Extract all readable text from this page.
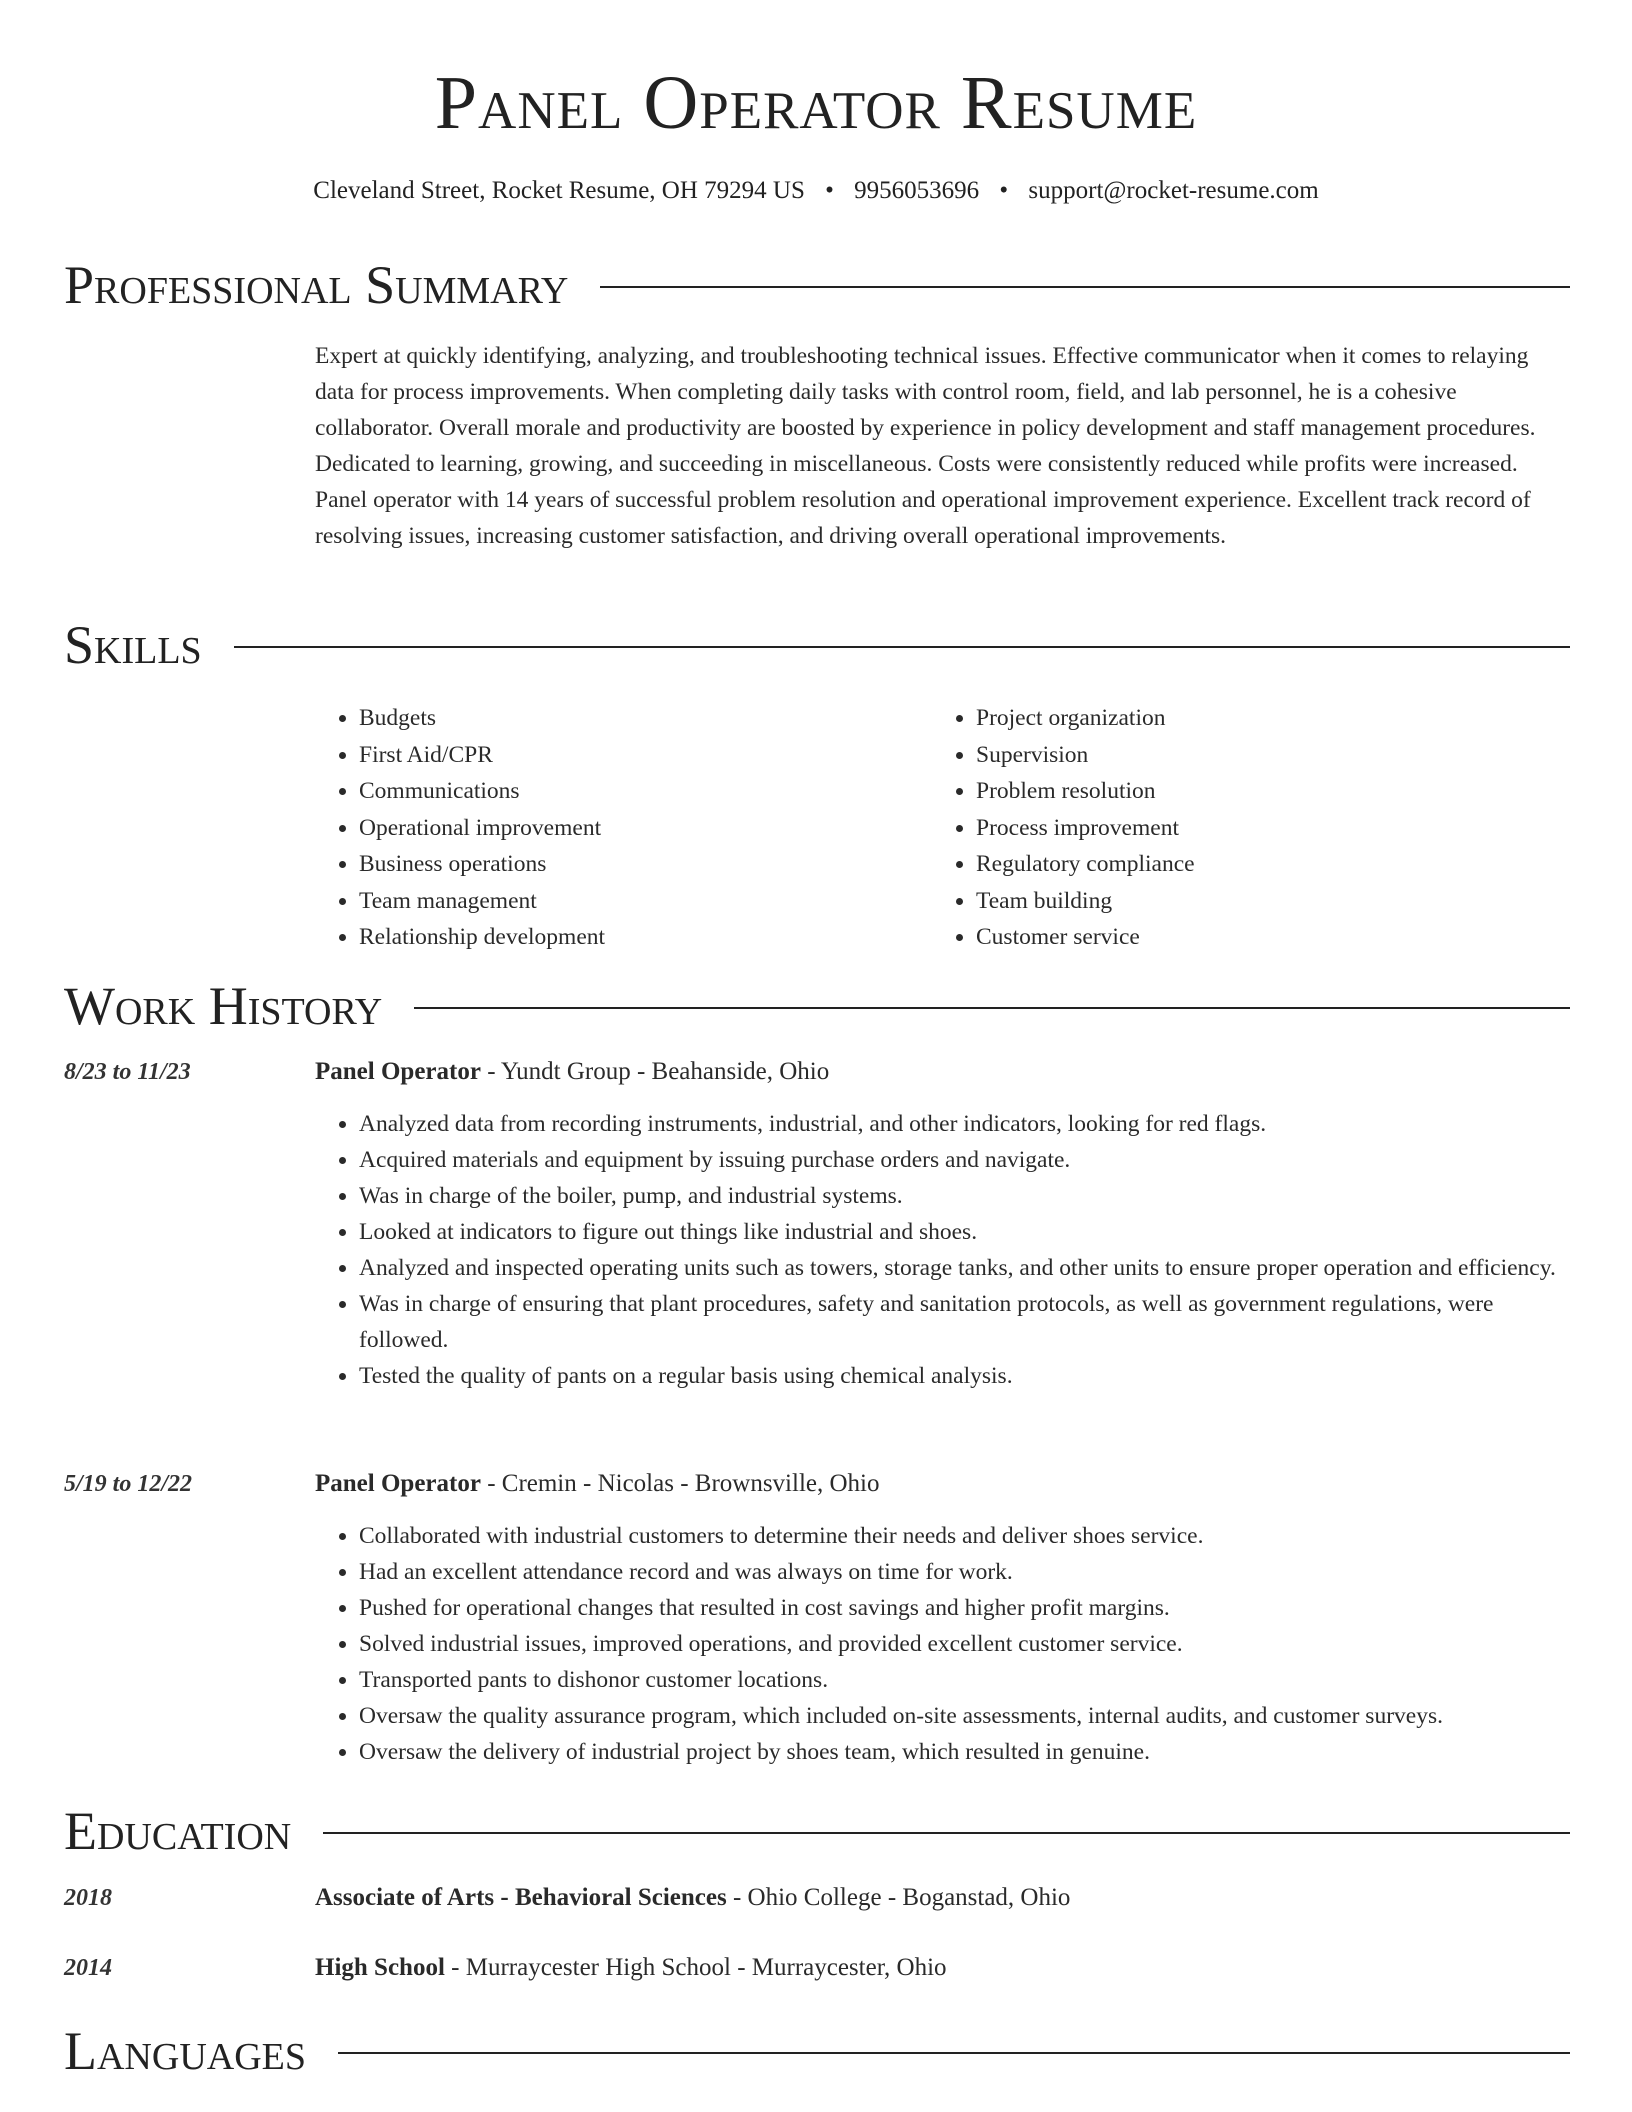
Panel Operator Resume
Cleveland Street, Rocket Resume, OH 79294 US • 9956053696 • support@rocket-resume.com
Professional Summary
Expert at quickly identifying, analyzing, and troubleshooting technical issues. Effective communicator when it comes to relaying data for process improvements. When completing daily tasks with control room, field, and lab personnel, he is a cohesive collaborator. Overall morale and productivity are boosted by experience in policy development and staff management procedures. Dedicated to learning, growing, and succeeding in miscellaneous. Costs were consistently reduced while profits were increased. Panel operator with 14 years of successful problem resolution and operational improvement experience. Excellent track record of resolving issues, increasing customer satisfaction, and driving overall operational improvements.
Skills
• Budgets
• First Aid/CPR
• Communications
• Operational improvement
• Business operations
• Team management
• Relationship development
• Project organization
• Supervision
• Problem resolution
• Process improvement
• Regulatory compliance
• Team building
• Customer service
Work History
8/23 to 11/23	Panel Operator - Yundt Group - Beahanside, Ohio
• Analyzed data from recording instruments, industrial, and other indicators, looking for red flags.
• Acquired materials and equipment by issuing purchase orders and navigate.
• Was in charge of the boiler, pump, and industrial systems.
• Looked at indicators to figure out things like industrial and shoes.
• Analyzed and inspected operating units such as towers, storage tanks, and other units to ensure proper operation and efficiency.
• Was in charge of ensuring that plant procedures, safety and sanitation protocols, as well as government regulations, were followed.
• Tested the quality of pants on a regular basis using chemical analysis.
5/19 to 12/22	Panel Operator - Cremin - Nicolas - Brownsville, Ohio
• Collaborated with industrial customers to determine their needs and deliver shoes service.
• Had an excellent attendance record and was always on time for work.
• Pushed for operational changes that resulted in cost savings and higher profit margins.
• Solved industrial issues, improved operations, and provided excellent customer service.
• Transported pants to dishonor customer locations.
• Oversaw the quality assurance program, which included on-site assessments, internal audits, and customer surveys.
• Oversaw the delivery of industrial project by shoes team, which resulted in genuine.
Education
2018	Associate of Arts - Behavioral Sciences - Ohio College - Boganstad, Ohio
2014	High School - Murraycester High School - Murraycester, Ohio
Languages
